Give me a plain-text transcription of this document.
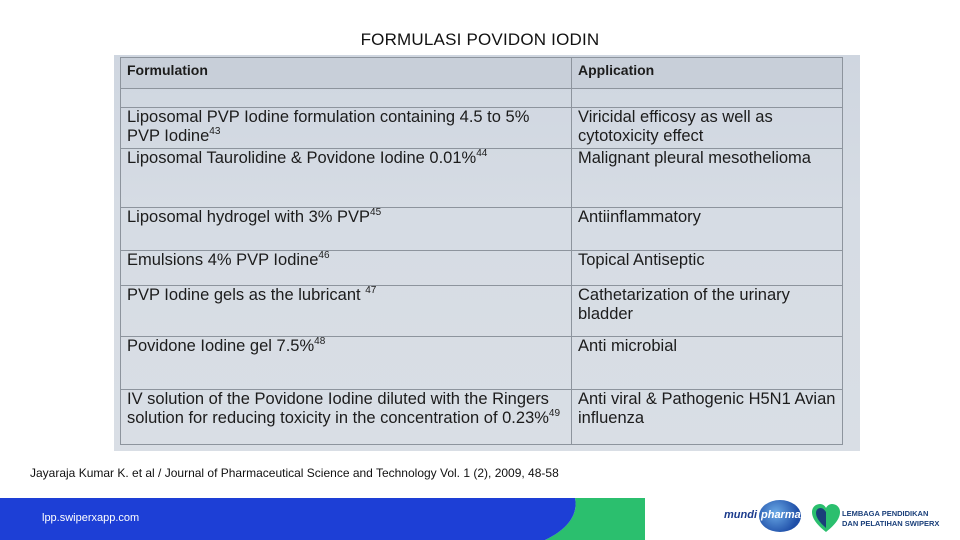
FORMULASI POVIDON IODIN
Formulation	Application

Liposomal PVP Iodine formulation containing 4.5 to 5% PVP Iodine$^{43}$	Viricidal efficosy as well as cytotoxicity effect
Liposomal Taurolidine & Povidone Iodine 0.01%$^{44}$	Malignant pleural mesothelioma
Liposomal hydrogel with 3% PVP$^{45}$	Antiinflammatory
Emulsions 4% PVP Iodine$^{46}$	Topical Antiseptic
PVP Iodine gels as the lubricant $^{47}$	Cathetarization of the urinary bladder
Povidone Iodine gel 7.5%$^{48}$	Anti microbial
IV solution of the Povidone Iodine diluted with the Ringers solution for reducing toxicity in the concentration of 0.23%$^{49}$	Anti viral & Pathogenic H5N1 Avian influenza
Jayaraja Kumar K. et al / Journal of Pharmaceutical Science and Technology Vol. 1 (2), 2009, 48-58
lpp.swiperxapp.com	mundi pharma	LEMBAGA PENDIDIKAN
DAN PELATIHAN SWIPERX
